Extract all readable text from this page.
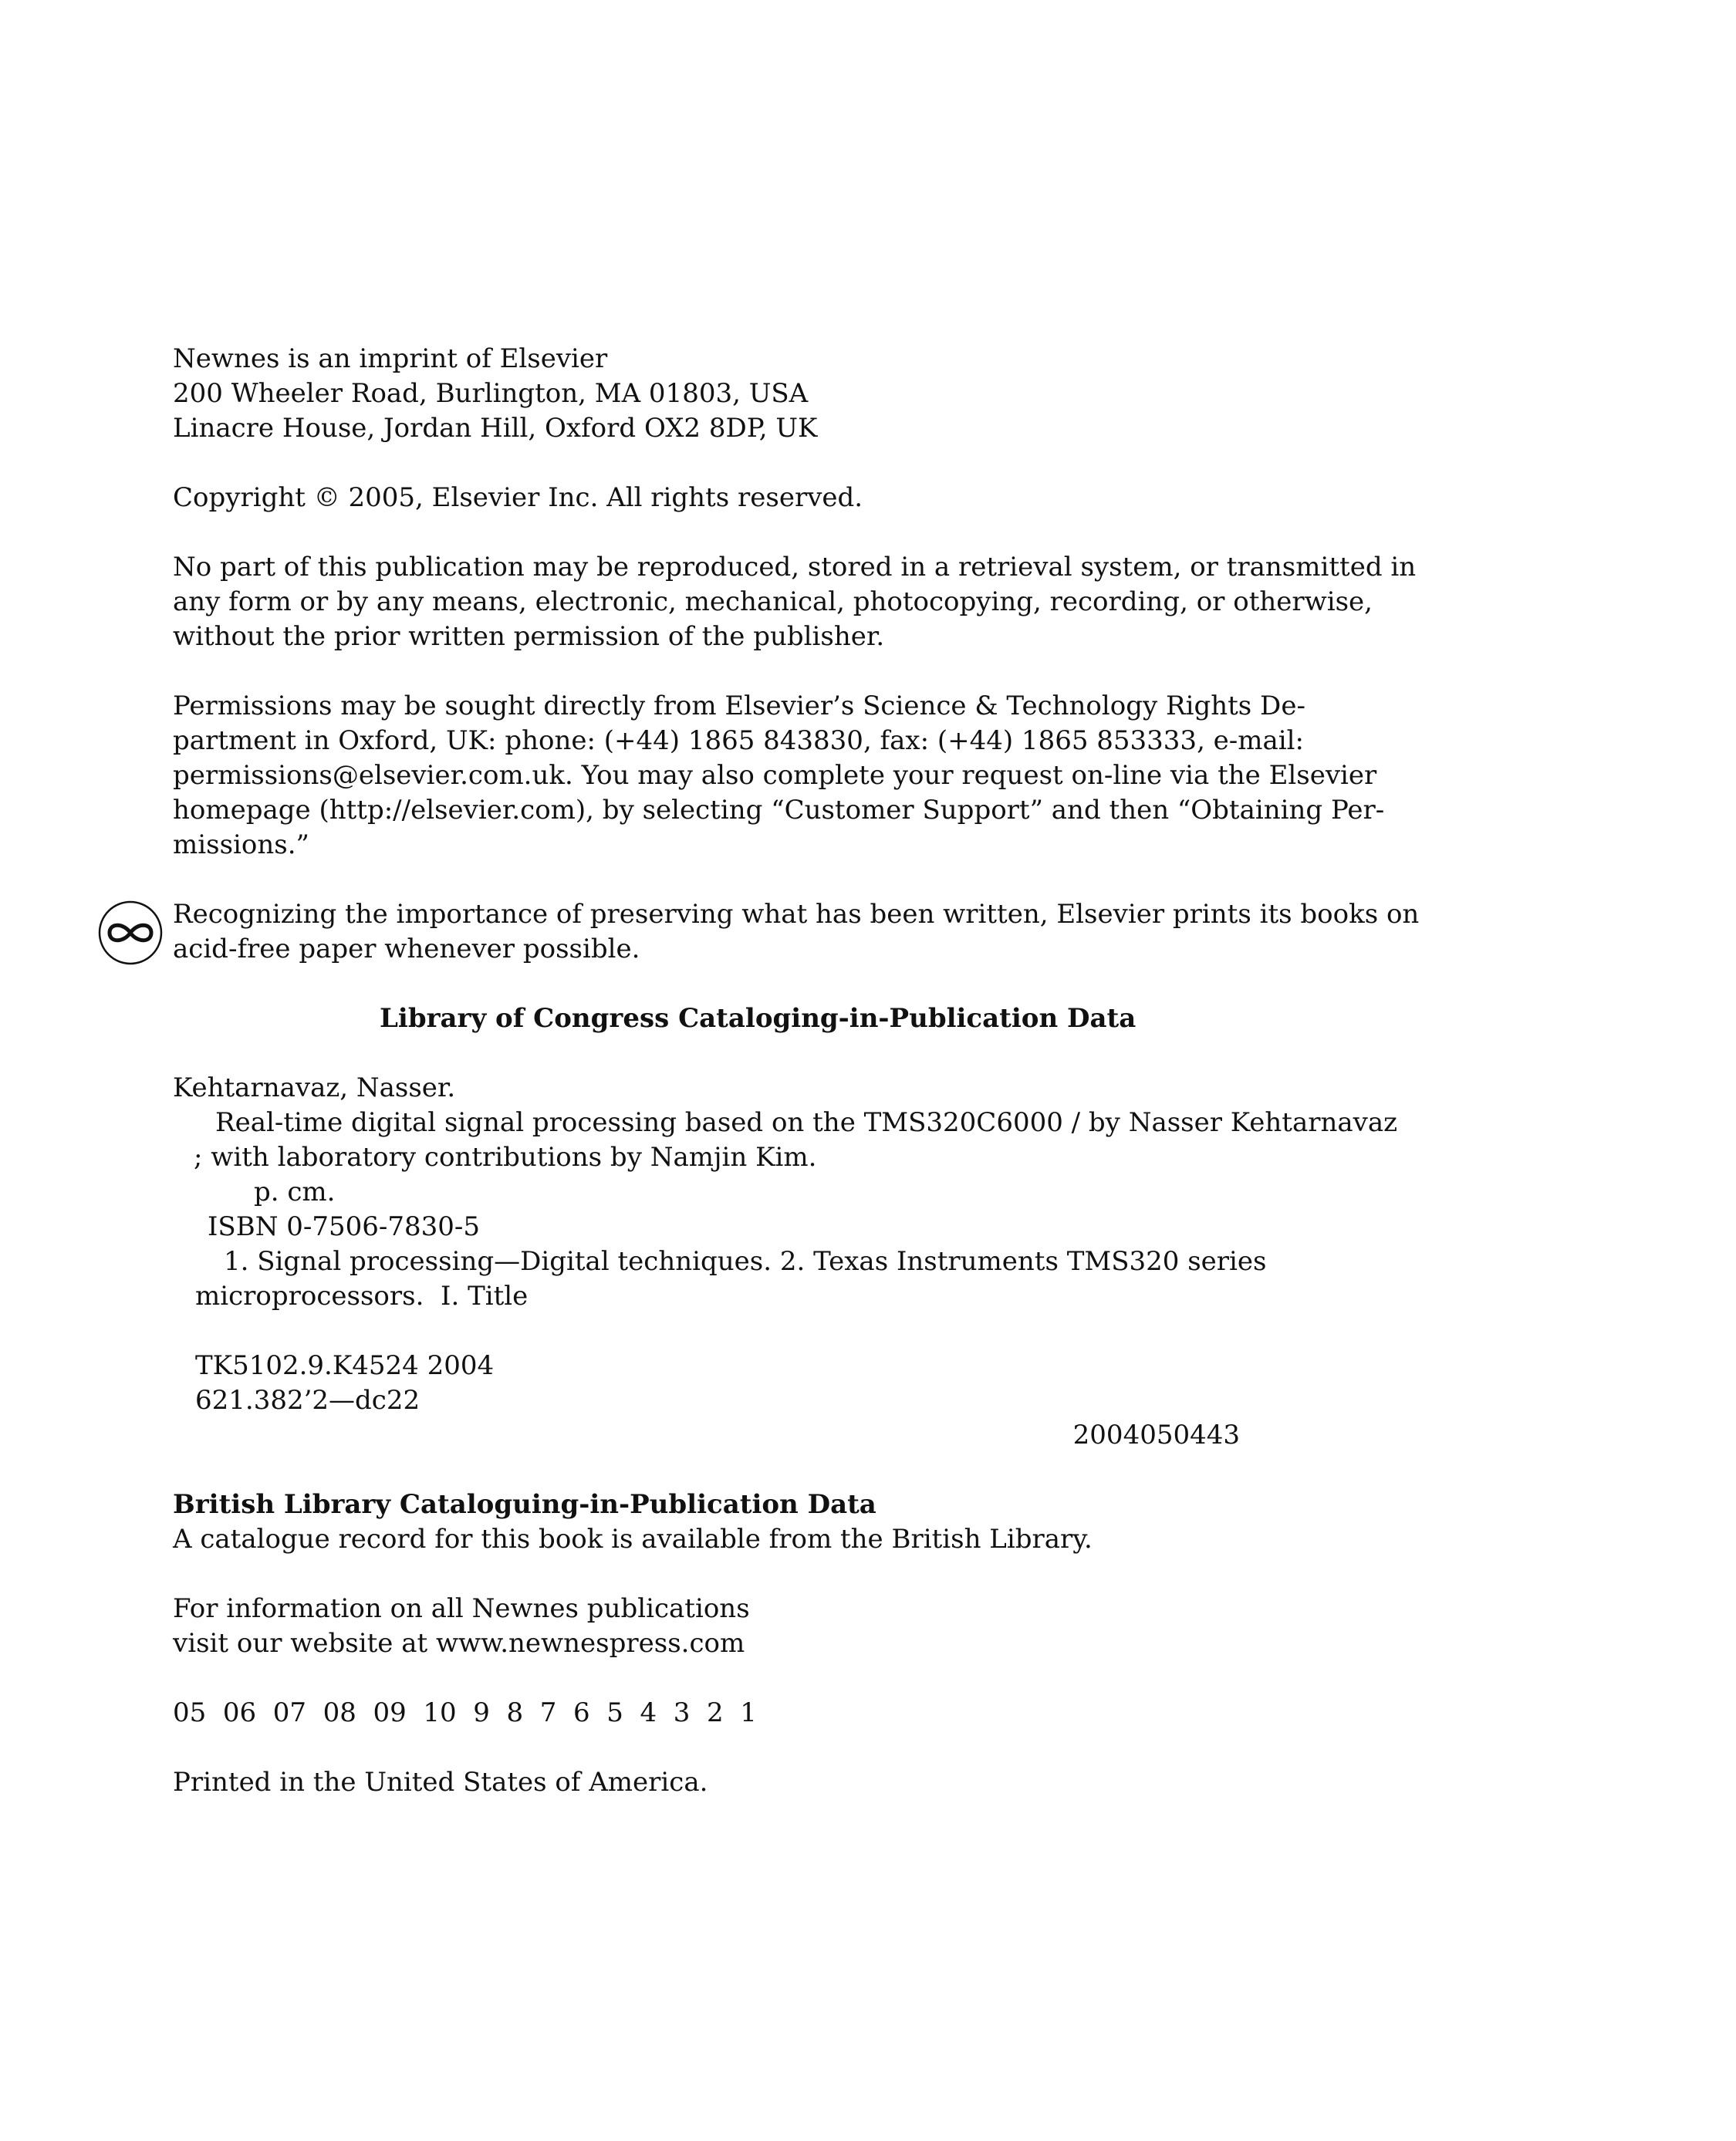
Newnes is an imprint of Elsevier
200 Wheeler Road, Burlington, MA 01803, USA
Linacre House, Jordan Hill, Oxford OX2 8DP, UK
Copyright © 2005, Elsevier Inc. All rights reserved.
No part of this publication may be reproduced, stored in a retrieval system, or transmitted in
any form or by any means, electronic, mechanical, photocopying, recording, or otherwise,
without the prior written permission of the publisher.
Permissions may be sought directly from Elsevier’s Science & Technology Rights De-
partment in Oxford, UK: phone: (+44) 1865 843830, fax: (+44) 1865 853333, e-mail:
permissions@elsevier.com.uk. You may also complete your request on-line via the Elsevier
homepage (http://elsevier.com), by selecting “Customer Support” and then “Obtaining Per-
missions.”
Recognizing the importance of preserving what has been written, Elsevier prints its books on
acid-free paper whenever possible.
Library of Congress Cataloging-in-Publication Data
Kehtarnavaz, Nasser.
Real-time digital signal processing based on the TMS320C6000 / by Nasser Kehtarnavaz
; with laboratory contributions by Namjin Kim.
p. cm.
ISBN 0-7506-7830-5
1. Signal processing—Digital techniques. 2. Texas Instruments TMS320 series
microprocessors.  I. Title
TK5102.9.K4524 2004
621.382’2—dc22
2004050443
British Library Cataloguing-in-Publication Data
A catalogue record for this book is available from the British Library.
For information on all Newnes publications
visit our website at www.newnespress.com
05  06  07  08  09  10  9  8  7  6  5  4  3  2  1
Printed in the United States of America.
